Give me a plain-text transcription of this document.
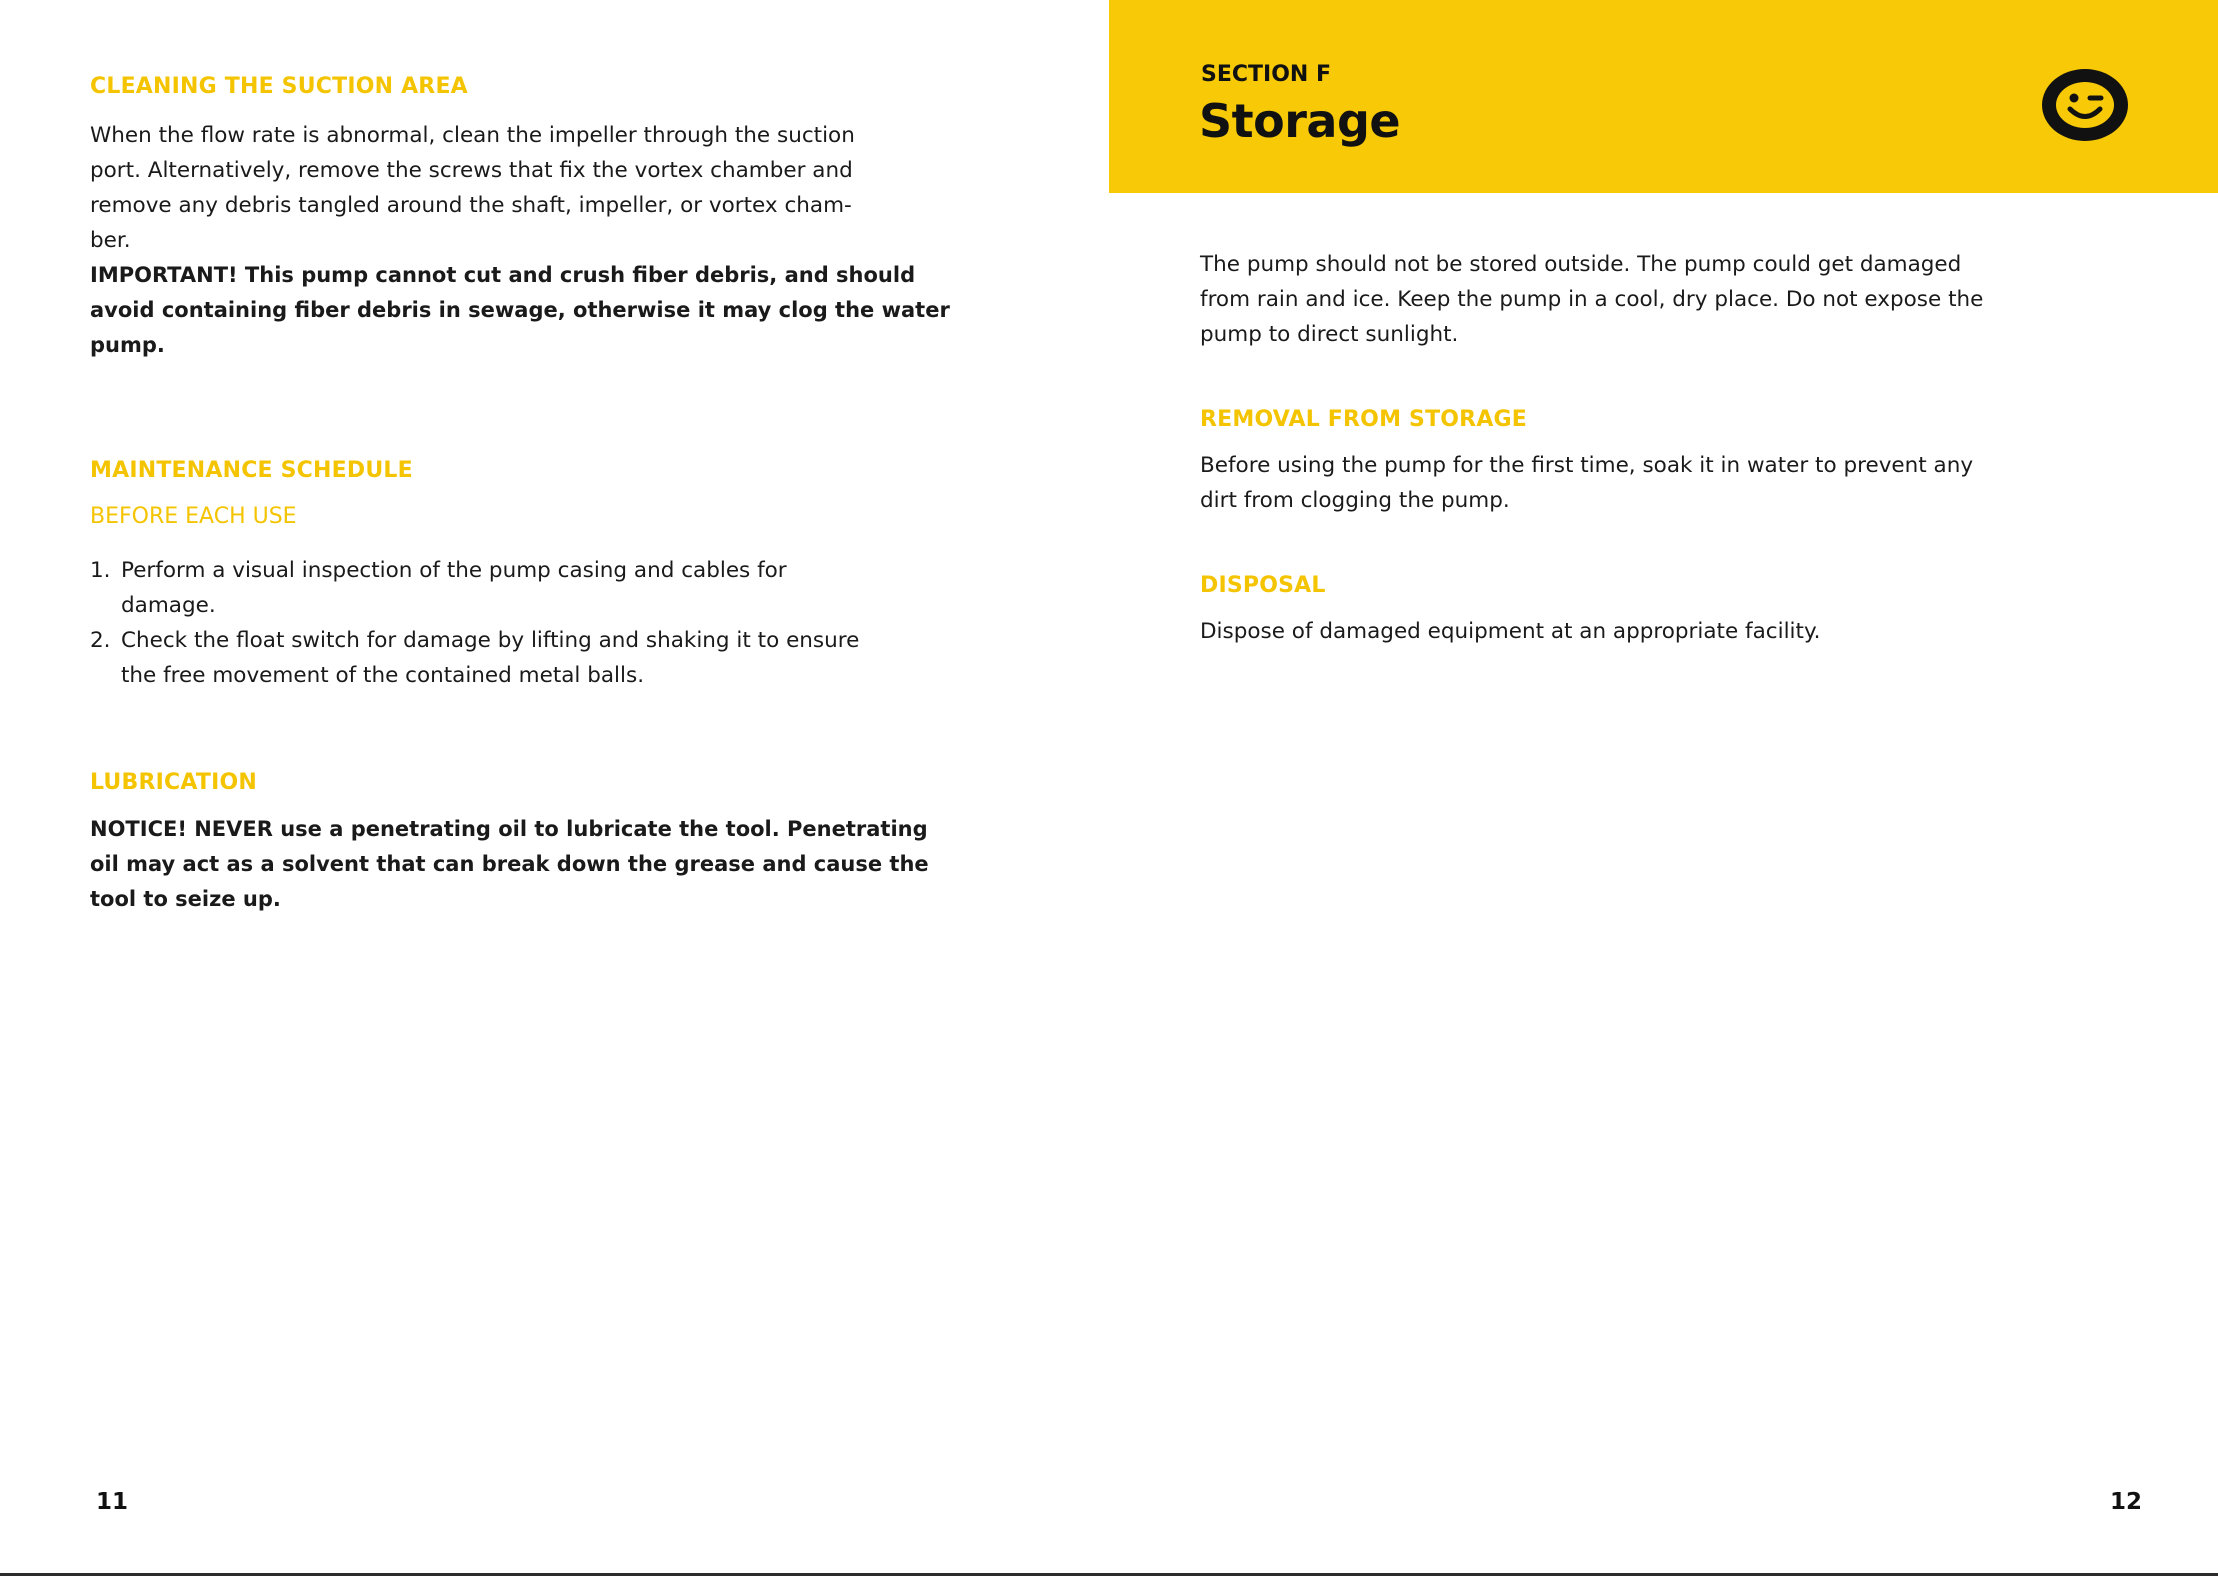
CLEANING THE SUCTION AREA
When the flow rate is abnormal, clean the impeller through the suction
port. Alternatively, remove the screws that fix the vortex chamber and
remove any debris tangled around the shaft, impeller, or vortex cham-
ber.
IMPORTANT! This pump cannot cut and crush fiber debris, and should
avoid containing fiber debris in sewage, otherwise it may clog the water
pump.
MAINTENANCE SCHEDULE
BEFORE EACH USE
1. Perform a visual inspection of the pump casing and cables for
damage.
2. Check the float switch for damage by lifting and shaking it to ensure
the free movement of the contained metal balls.
LUBRICATION
NOTICE! NEVER use a penetrating oil to lubricate the tool. Penetrating
oil may act as a solvent that can break down the grease and cause the
tool to seize up.
11
SECTION F
Storage
The pump should not be stored outside. The pump could get damaged
from rain and ice. Keep the pump in a cool, dry place. Do not expose the
pump to direct sunlight.
REMOVAL FROM STORAGE
Before using the pump for the first time, soak it in water to prevent any
dirt from clogging the pump.
DISPOSAL
Dispose of damaged equipment at an appropriate facility.
12
